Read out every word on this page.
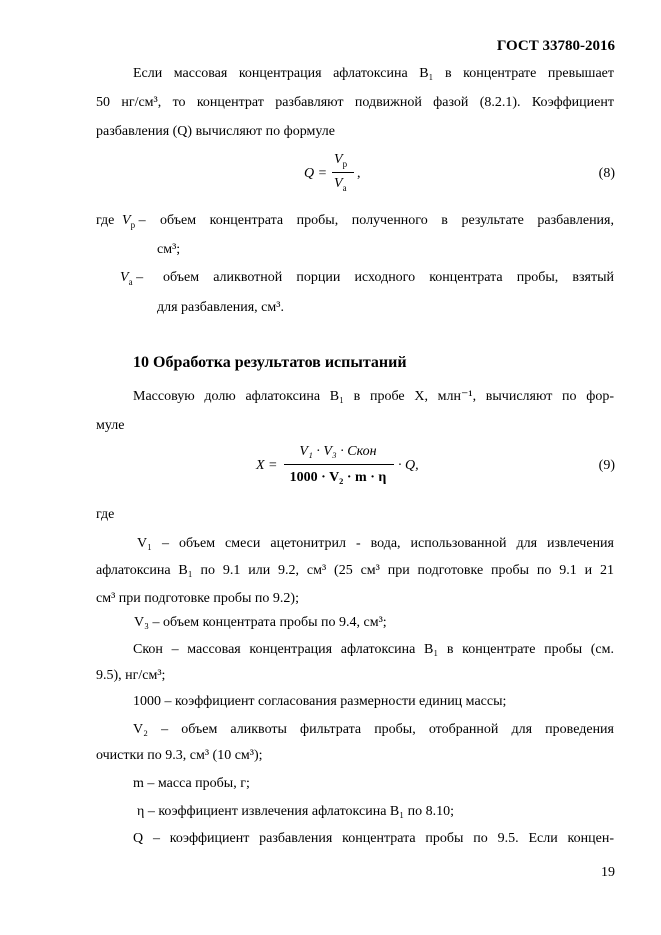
ГОСТ 33780-2016
Если массовая концентрация афлатоксина В₁ в концентрате превышает
50 нг/см³, то концентрат разбавляют подвижной фазой (8.2.1). Коэффициент
разбавления (Q) вычисляют по формуле
Q =
$V_р$
$V_а$
,	(8)
где $V_р$ – объем концентрата пробы, полученного в результате разбавления,
см³;
$V_а$ – объем аликвотной порции исходного концентрата пробы, взятый
для разбавления, см³.
10 Обработка результатов испытаний
Массовую долю афлатоксина В₁ в пробе X, млн⁻¹, вычисляют по фор-
муле
X =
V₁ · V₃ · Cкон
1000 · V₂ · m · η
· Q,	(9)
где
V₁ – объем смеси ацетонитрил - вода, использованной для извлечения
афлатоксина В₁ по 9.1 или 9.2, см³ (25 см³ при подготовке пробы по 9.1 и 21
см³ при подготовке пробы по 9.2);
V₃ – объем концентрата пробы по 9.4, см³;
Cкон – массовая концентрация афлатоксина В₁ в концентрате пробы (см.
9.5), нг/см³;
1000 – коэффициент согласования размерности единиц массы;
V₂ – объем аликвоты фильтрата пробы, отобранной для проведения
очистки по 9.3, см³ (10 см³);
m – масса пробы, г;
η – коэффициент извлечения афлатоксина В₁ по 8.10;
Q – коэффициент разбавления концентрата пробы по 9.5. Если концен-
19
